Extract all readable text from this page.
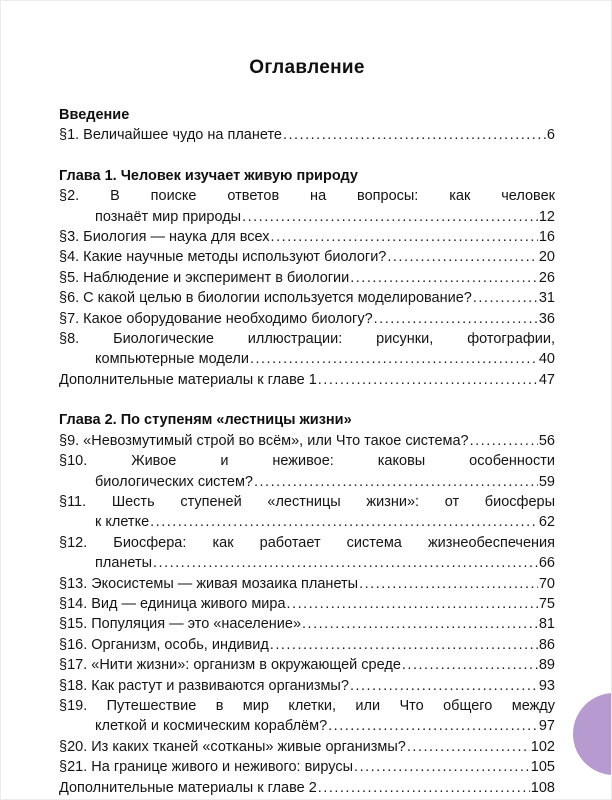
Оглавление
Введение
§1. Величайшее чудо на планете .....	6
Глава 1. Человек изучает живую природу
§2. В поиске ответов на вопросы: как человек
познаёт мир природы .....	12
§3. Биология — наука для всех .....	16
§4. Какие научные методы используют биологи? .....	20
§5. Наблюдение и эксперимент в биологии .....	26
§6. С какой целью в биологии используется моделирование? .....	31
§7. Какое оборудование необходимо биологу? .....	36
§8. Биологические иллюстрации: рисунки, фотографии,
компьютерные модели .....	40
Дополнительные материалы к главе 1 .....	47
Глава 2. По ступеням «лестницы жизни»
§9. «Невозмутимый строй во всём», или Что такое система? .....	56
§10. Живое и неживое: каковы особенности
биологических систем? .....	59
§11. Шесть ступеней «лестницы жизни»: от биосферы
к клетке .....	62
§12. Биосфера: как работает система жизнеобеспечения
планеты .....	66
§13. Экосистемы — живая мозаика планеты .....	70
§14. Вид — единица живого мира .....	75
§15. Популяция — это «население» .....	81
§16. Организм, особь, индивид .....	86
§17. «Нити жизни»: организм в окружающей среде .....	89
§18. Как растут и развиваются организмы? .....	93
§19. Путешествие в мир клетки, или Что общего между
клеткой и космическим кораблём? .....	97
§20. Из каких тканей «сотканы» живые организмы? .....	102
§21. На границе живого и неживого: вирусы .....	105
Дополнительные материалы к главе 2 .....	108
